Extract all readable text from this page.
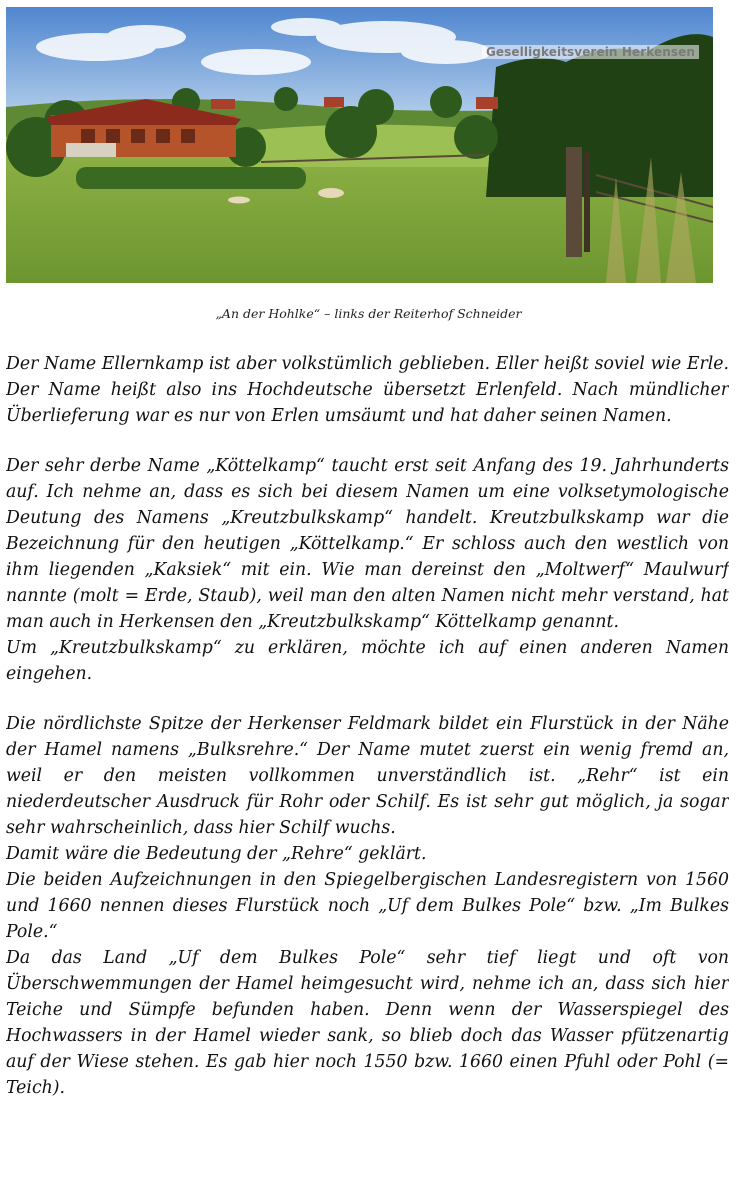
Geselligkeitsverein Herkensen
„An der Hohlke“ – links der Reiterhof Schneider
Der Name Ellernkamp ist aber volkstümlich geblieben. Eller heißt soviel wie Erle.
Der Name heißt also ins Hochdeutsche übersetzt Erlenfeld. Nach mündlicher
Überlieferung war es nur von Erlen umsäumt und hat daher seinen Namen.
Der sehr derbe Name „Köttelkamp“ taucht erst seit Anfang des 19. Jahrhunderts
auf. Ich nehme an, dass es sich bei diesem Namen um eine volksetymologische
Deutung des Namens „Kreutzbulkskamp“ handelt. Kreutzbulkskamp war die
Bezeichnung für den heutigen „Köttelkamp.“ Er schloss auch den westlich von
ihm liegenden „Kaksiek“ mit ein. Wie man dereinst den „Moltwerf“ Maulwurf
nannte (molt = Erde, Staub), weil man den alten Namen nicht mehr verstand, hat
man auch in Herkensen den „Kreutzbulkskamp“ Köttelkamp genannt.
Um „Kreutzbulkskamp“ zu erklären, möchte ich auf einen anderen Namen
eingehen.
Die nördlichste Spitze der Herkenser Feldmark bildet ein Flurstück in der Nähe
der Hamel namens „Bulksrehre.“ Der Name mutet zuerst ein wenig fremd an,
weil er den meisten vollkommen unverständlich ist. „Rehr“ ist ein
niederdeutscher Ausdruck für Rohr oder Schilf. Es ist sehr gut möglich, ja sogar
sehr wahrscheinlich, dass hier Schilf wuchs.
Damit wäre die Bedeutung der „Rehre“ geklärt.
Die beiden Aufzeichnungen in den Spiegelbergischen Landesregistern von 1560
und 1660 nennen dieses Flurstück noch „Uf dem Bulkes Pole“ bzw. „Im Bulkes
Pole.“
Da das Land „Uf dem Bulkes Pole“ sehr tief liegt und oft von
Überschwemmungen der Hamel heimgesucht wird, nehme ich an, dass sich hier
Teiche und Sümpfe befunden haben. Denn wenn der Wasserspiegel des
Hochwassers in der Hamel wieder sank, so blieb doch das Wasser pfützenartig
auf der Wiese stehen. Es gab hier noch 1550 bzw. 1660 einen Pfuhl oder Pohl (=
Teich).
